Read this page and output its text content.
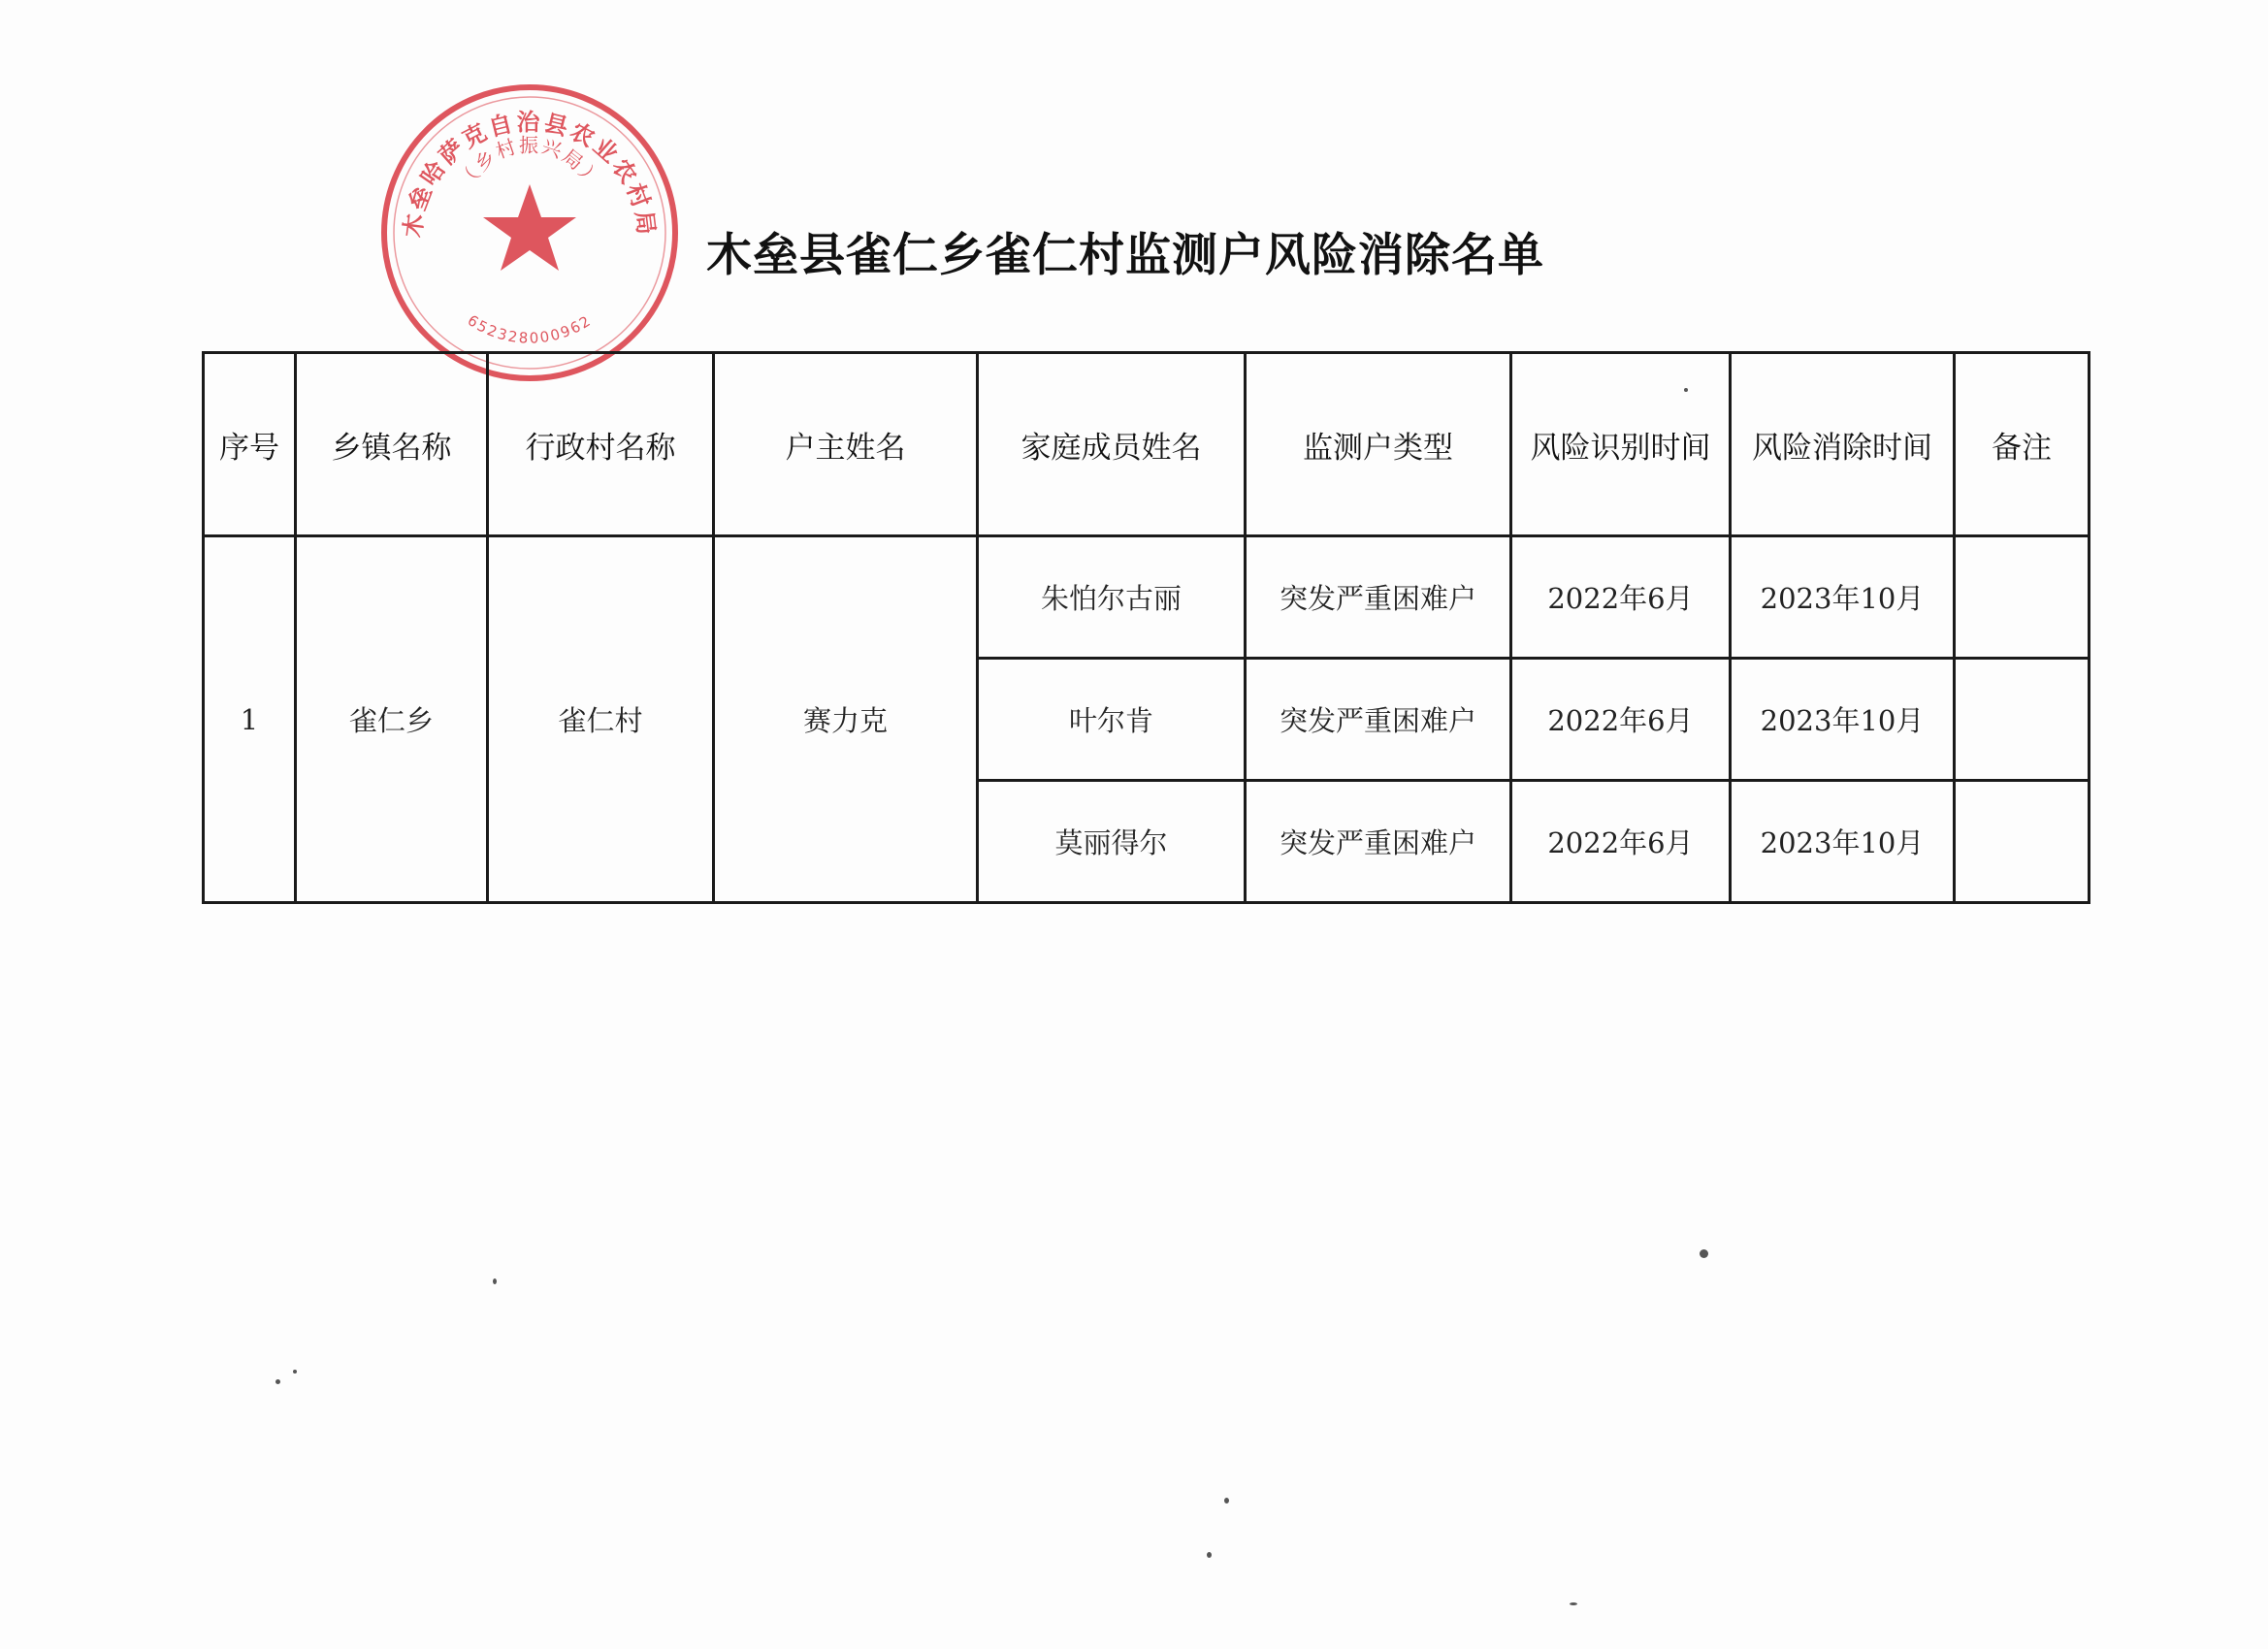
木垒哈萨克自治县农业农村局
（乡村振兴局）
652328000962
木垒县雀仁乡雀仁村监测户风险消除名单
序号	乡镇名称	行政村名称	户主姓名	家庭成员姓名	监测户类型	风险识别时间	风险消除时间	备注
1	雀仁乡	雀仁村	赛力克	朱怕尔古丽	突发严重困难户	2022年6月	2023年10月	
				叶尔肯	突发严重困难户	2022年6月	2023年10月	
				莫丽得尔	突发严重困难户	2022年6月	2023年10月	
